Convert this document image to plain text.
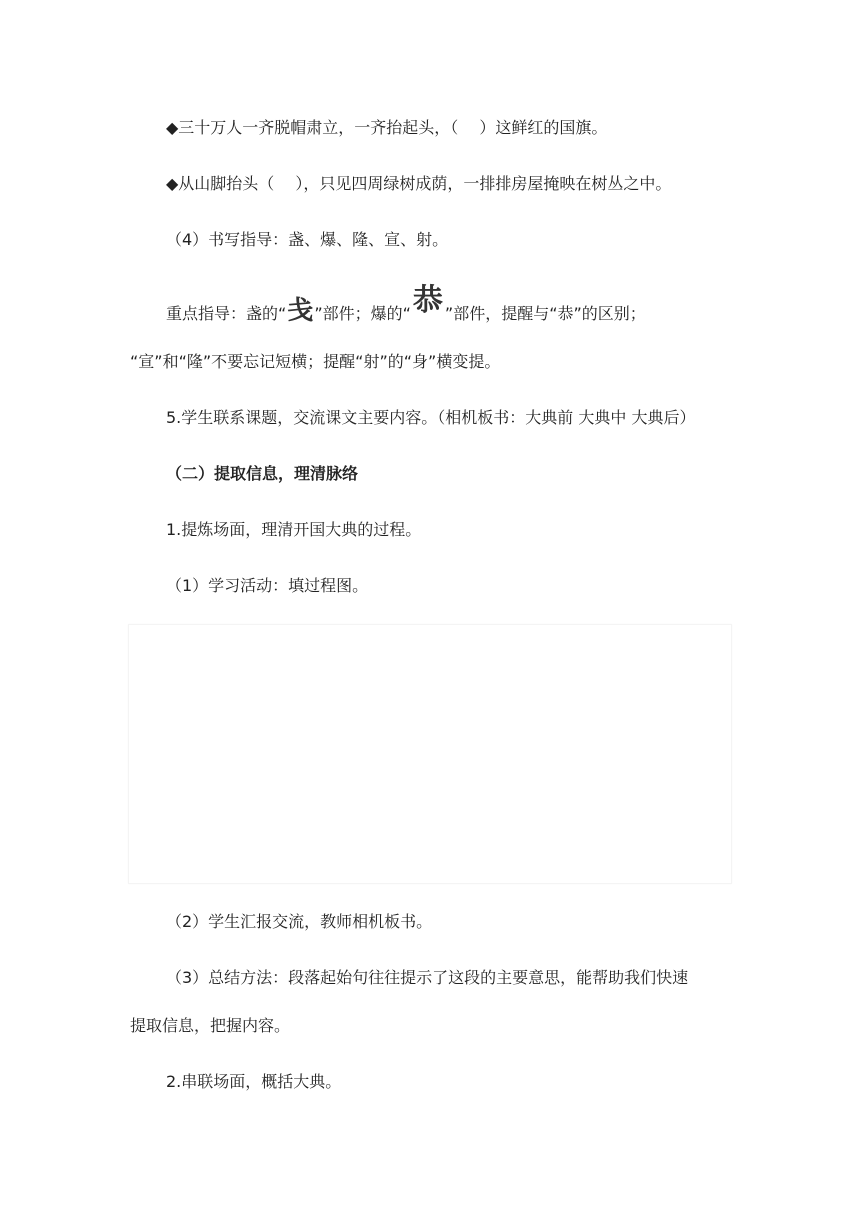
◆三十万人一齐脱帽肃立，一齐抬起头，（　 ）这鲜红的国旗。
◆从山脚抬头（　 ），只见四周绿树成荫，一排排房屋掩映在树丛之中。
（4）书写指导：盏、爆、隆、宣、射。
重点指导：盏的“戋”部件；爆的“恭 ”部件，提醒与“恭”的区别；
“宣”和“隆”不要忘记短横；提醒“射”的“身”横变提。
5.学生联系课题，交流课文主要内容。（相机板书：大典前 大典中 大典后）
（二）提取信息，理清脉络
1.提炼场面，理清开国大典的过程。
（1）学习活动：填过程图。
（2）学生汇报交流，教师相机板书。
（3）总结方法：段落起始句往往提示了这段的主要意思，能帮助我们快速
提取信息，把握内容。
2.串联场面，概括大典。
